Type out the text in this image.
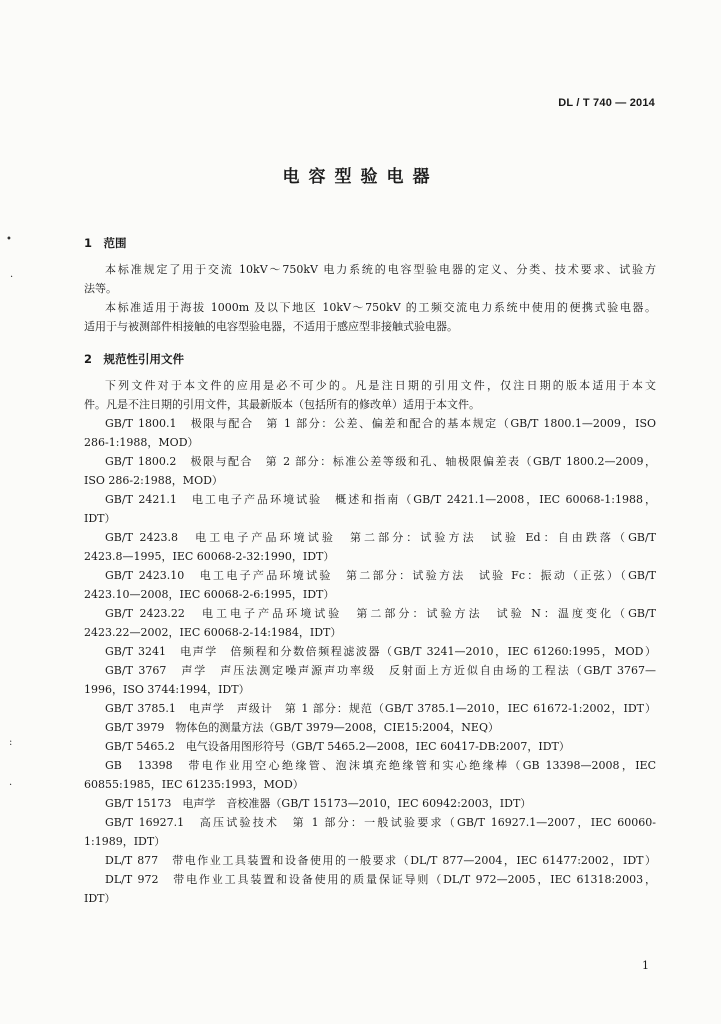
DL / T 740 — 2014
电容型验电器
1　范围
本标准规定了用于交流 10kV～750kV 电力系统的电容型验电器的定义、分类、技术要求、试验方
法等。
本标准适用于海拔 1000m 及以下地区 10kV～750kV 的工频交流电力系统中使用的便携式验电器。
适用于与被测部件相接触的电容型验电器，不适用于感应型非接触式验电器。
2　规范性引用文件
下列文件对于本文件的应用是必不可少的。凡是注日期的引用文件，仅注日期的版本适用于本文
件。凡是不注日期的引用文件，其最新版本（包括所有的修改单）适用于本文件。
GB/T 1800.1　极限与配合　第 1 部分：公差、偏差和配合的基本规定（GB/T 1800.1—2009，ISO
286-1:1988，MOD）
GB/T 1800.2　极限与配合　第 2 部分：标准公差等级和孔、轴极限偏差表（GB/T 1800.2—2009，
ISO 286-2:1988，MOD）
GB/T 2421.1　电工电子产品环境试验　概述和指南（GB/T 2421.1—2008，IEC 60068-1:1988，
IDT）
GB/T 2423.8　电工电子产品环境试验　第二部分：试验方法　试验 Ed：自由跌落（GB/T
2423.8—1995，IEC 60068-2-32:1990，IDT）
GB/T 2423.10　电工电子产品环境试验　第二部分：试验方法　试验 Fc：振动（正弦）（GB/T
2423.10—2008，IEC 60068-2-6:1995，IDT）
GB/T 2423.22　电工电子产品环境试验　第二部分：试验方法　试验 N：温度变化（GB/T
2423.22—2002，IEC 60068-2-14:1984，IDT）
GB/T 3241　电声学　倍频程和分数倍频程滤波器（GB/T 3241—2010，IEC 61260:1995，MOD）
GB/T 3767　声学　声压法测定噪声源声功率级　反射面上方近似自由场的工程法（GB/T 3767—
1996，ISO 3744:1994，IDT）
GB/T 3785.1　电声学　声级计　第 1 部分：规范（GB/T 3785.1—2010，IEC 61672-1:2002，IDT）
GB/T 3979　物体色的测量方法（GB/T 3979—2008，CIE15:2004，NEQ）
GB/T 5465.2　电气设备用图形符号（GB/T 5465.2—2008，IEC 60417-DB:2007，IDT）
GB　13398　带电作业用空心绝缘管、泡沫填充绝缘管和实心绝缘棒（GB 13398—2008，IEC
60855:1985，IEC 61235:1993，MOD）
GB/T 15173　电声学　音校准器（GB/T 15173—2010，IEC 60942:2003，IDT）
GB/T 16927.1　高压试验技术　第 1 部分：一般试验要求（GB/T 16927.1—2007，IEC 60060-
1:1989，IDT）
DL/T 877　带电作业工具装置和设备使用的一般要求（DL/T 877—2004，IEC 61477:2002，IDT）
DL/T 972　带电作业工具装置和设备使用的质量保证导则（DL/T 972—2005，IEC 61318:2003，
IDT）
1
•
·
:
·
